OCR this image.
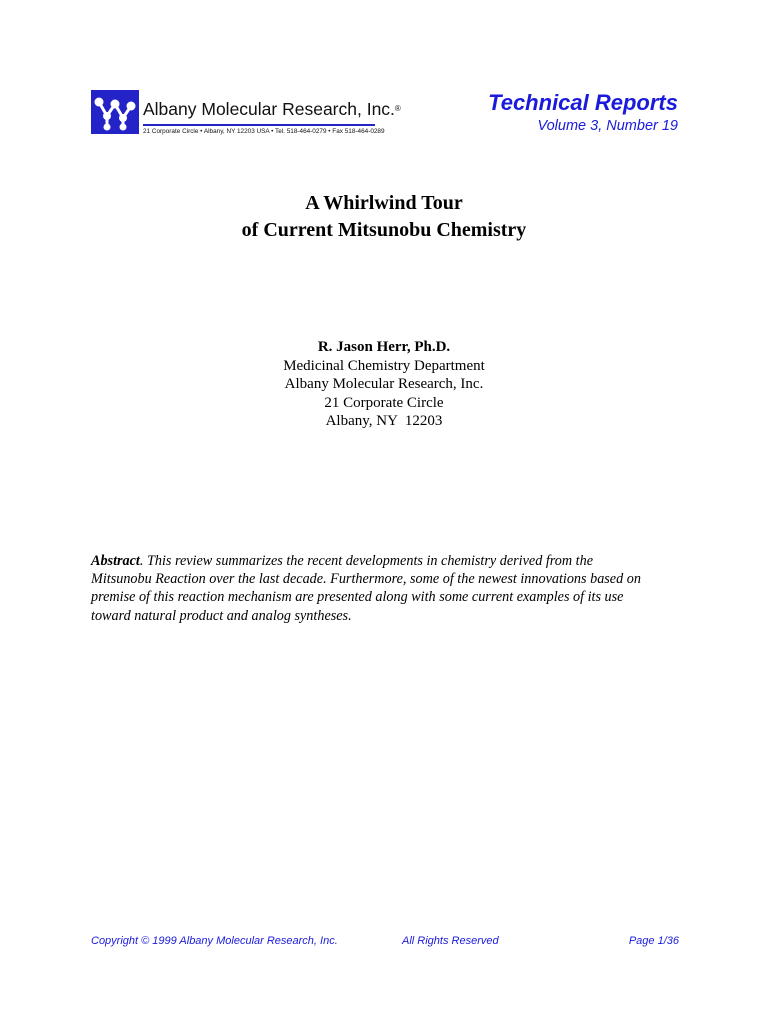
Albany Molecular Research, Inc.®
21 Corporate Circle • Albany, NY 12203 USA • Tel. 518-464-0279 • Fax 518-464-0289
Technical Reports
Volume 3, Number 19
A Whirlwind Tour
of Current Mitsunobu Chemistry
R. Jason Herr, Ph.D.
Medicinal Chemistry Department
Albany Molecular Research, Inc.
21 Corporate Circle
Albany, NY  12203
Abstract. This review summarizes the recent developments in chemistry derived from the Mitsunobu Reaction over the last decade. Furthermore, some of the newest innovations based on premise of this reaction mechanism are presented along with some current examples of its use toward natural product and analog syntheses.
Copyright © 1999 Albany Molecular Research, Inc.	All Rights Reserved	Page 1/36
